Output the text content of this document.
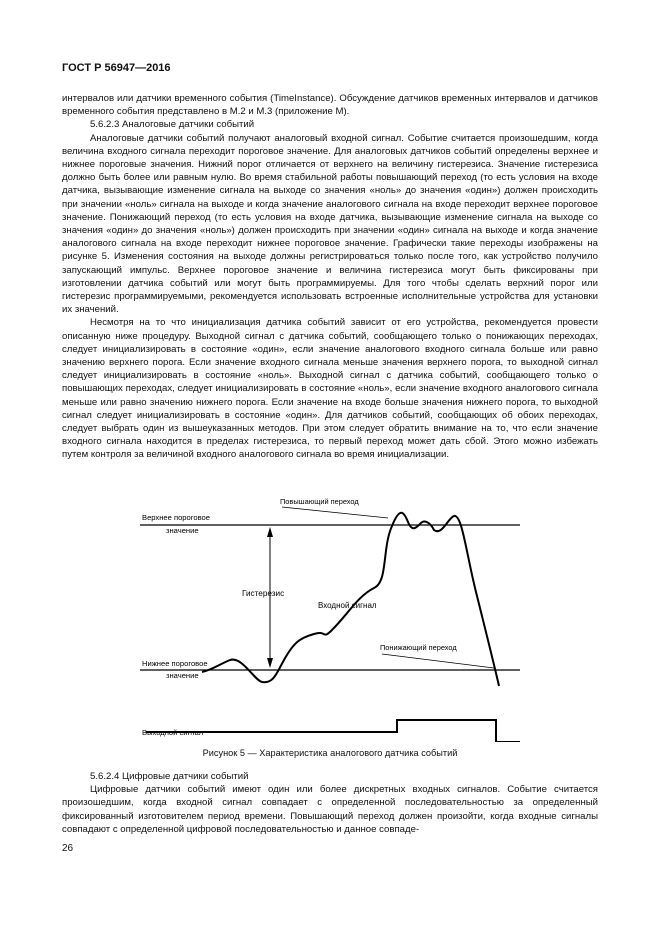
ГОСТ Р 56947—2016

интервалов или датчики временного события (TimeInstance). Обсуждение датчиков временных интервалов и датчиков временного события представлено в М.2 и М.3 (приложение М).

5.6.2.3 Аналоговые датчики событий

Аналоговые датчики событий получают аналоговый входной сигнал. Событие считается произошедшим, когда величина входного сигнала переходит пороговое значение. Для аналоговых датчиков событий определены верхнее и нижнее пороговые значения. Нижний порог отличается от верхнего на величину гистерезиса. Значение гистерезиса должно быть более или равным нулю. Во время стабильной работы повышающий переход (то есть условия на входе датчика, вызывающие изменение сигнала на выходе со значения «ноль» до значения «один») должен происходить при значении «ноль» сигнала на выходе и когда значение аналогового сигнала на входе переходит верхнее пороговое значение. Понижающий переход (то есть условия на входе датчика, вызывающие изменение сигнала на выходе со значения «один» до значения «ноль») должен происходить при значении «один» сигнала на выходе и когда значение аналогового сигнала на входе переходит нижнее пороговое значение. Графически такие переходы изображены на рисунке 5. Изменения состояния на выходе должны регистрироваться только после того, как устройство получило запускающий импульс. Верхнее пороговое значение и величина гистерезиса могут быть фиксированы при изготовлении датчика событий или могут быть программируемы. Для того чтобы сделать верхний порог или гистерезис программируемыми, рекомендуется использовать встроенные исполнительные устройства для установки их значений.

Несмотря на то что инициализация датчика событий зависит от его устройства, рекомендуется провести описанную ниже процедуру. Выходной сигнал с датчика событий, сообщающего только о понижающих переходах, следует инициализировать в состояние «один», если значение аналогового входного сигнала больше или равно значению верхнего порога. Если значение входного сигнала меньше значения верхнего порога, то выходной сигнал следует инициализировать в состояние «ноль». Выходной сигнал с датчика событий, сообщающего только о повышающих переходах, следует инициализировать в состояние «ноль», если значение входного аналогового сигнала меньше или равно значению нижнего порога. Если значение на входе больше значения нижнего порога, то выходной сигнал следует инициализировать в состояние «один». Для датчиков событий, сообщающих об обоих переходах, следует выбрать один из вышеуказанных методов. При этом следует обратить внимание на то, что если значение входного сигнала находится в пределах гистерезиса, то первый переход может дать сбой. Этого можно избежать путем контроля за величиной входного аналогового сигнала во время инициализации.

Верхнее пороговое
значение
Нижнее пороговое
значение
Гистерезис
Входной сигнал
Повышающий переход
Понижающий переход
Выходной сигнал
Рисунок 5 — Характеристика аналогового датчика событий

5.6.2.4 Цифровые датчики событий

Цифровые датчики событий имеют один или более дискретных входных сигналов. Событие считается произошедшим, когда входной сигнал совпадает с определенной последовательностью за определенный фиксированный изготовителем период времени. Повышающий переход должен произойти, когда входные сигналы совпадают с определенной цифровой последовательностью и данное совпаде-

26
